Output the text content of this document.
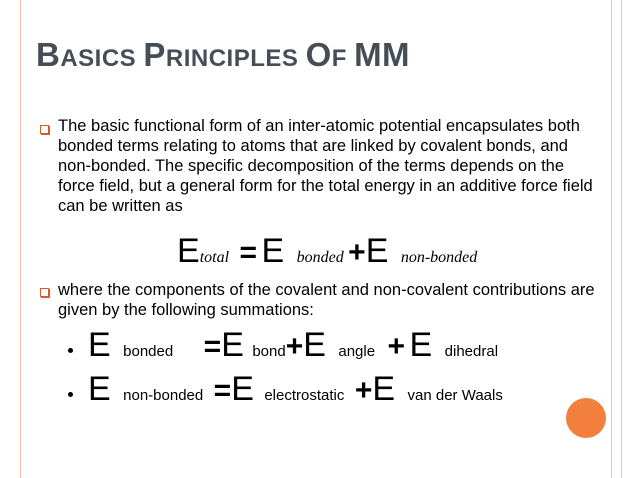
BASICS PRINCIPLES OF MM

The basic functional form of an inter-atomic potential encapsulates both bonded terms relating to atoms that are linked by covalent bonds, and non-bonded. The specific decomposition of the terms depends on the force field, but a general form for the total energy in an additive force field can be written as

Etotal = E bonded +E non-bonded

where the components of the covalent and non-covalent contributions are given by the following summations:

E bonded =E bond+E angle + E dihedral
E non-bonded =E electrostatic +E van der Waals
